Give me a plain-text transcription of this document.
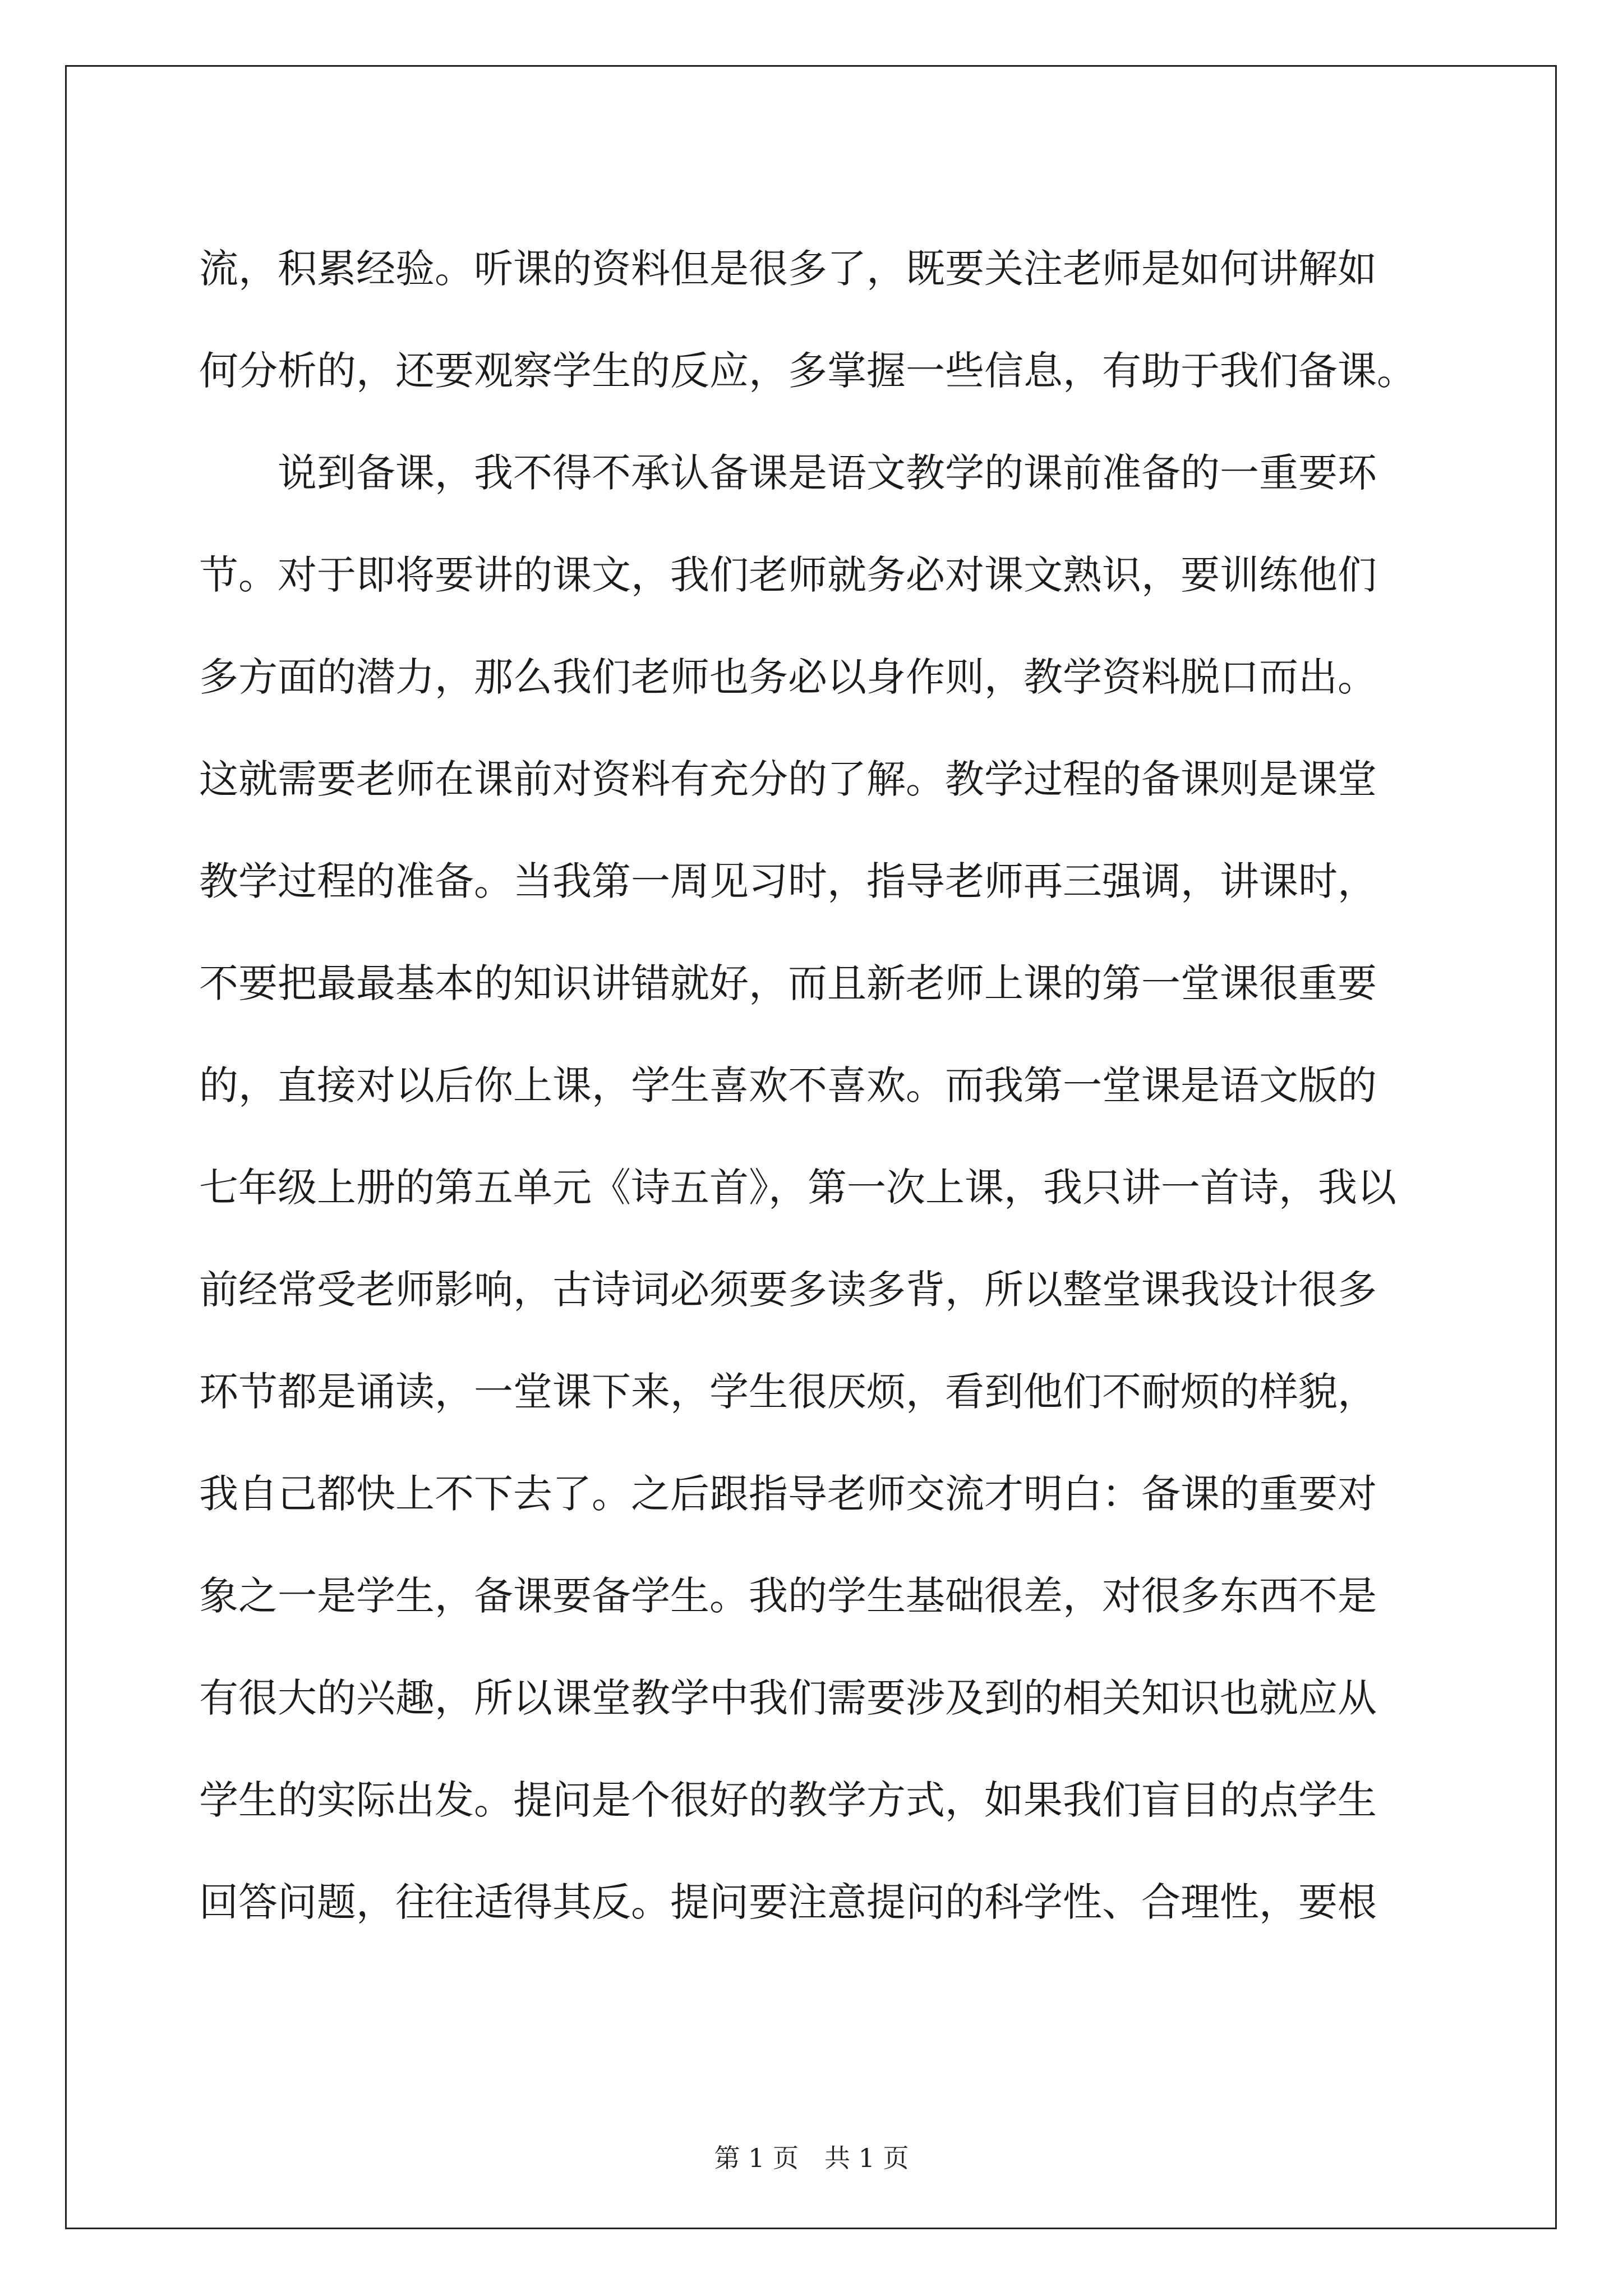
流，积累经验。听课的资料但是很多了，既要关注老师是如何讲解如
何分析的，还要观察学生的反应，多掌握一些信息，有助于我们备课。
　　说到备课，我不得不承认备课是语文教学的课前准备的一重要环
节。对于即将要讲的课文，我们老师就务必对课文熟识，要训练他们
多方面的潜力，那么我们老师也务必以身作则，教学资料脱口而出。
这就需要老师在课前对资料有充分的了解。教学过程的备课则是课堂
教学过程的准备。当我第一周见习时，指导老师再三强调，讲课时，
不要把最最基本的知识讲错就好，而且新老师上课的第一堂课很重要
的，直接对以后你上课，学生喜欢不喜欢。而我第一堂课是语文版的
七年级上册的第五单元《诗五首》，第一次上课，我只讲一首诗，我以
前经常受老师影响，古诗词必须要多读多背，所以整堂课我设计很多
环节都是诵读，一堂课下来，学生很厌烦，看到他们不耐烦的样貌，
我自己都快上不下去了。之后跟指导老师交流才明白：备课的重要对
象之一是学生，备课要备学生。我的学生基础很差，对很多东西不是
有很大的兴趣，所以课堂教学中我们需要涉及到的相关知识也就应从
学生的实际出发。提问是个很好的教学方式，如果我们盲目的点学生
回答问题，往往适得其反。提问要注意提问的科学性、合理性，要根
第 1 页　共 1 页
